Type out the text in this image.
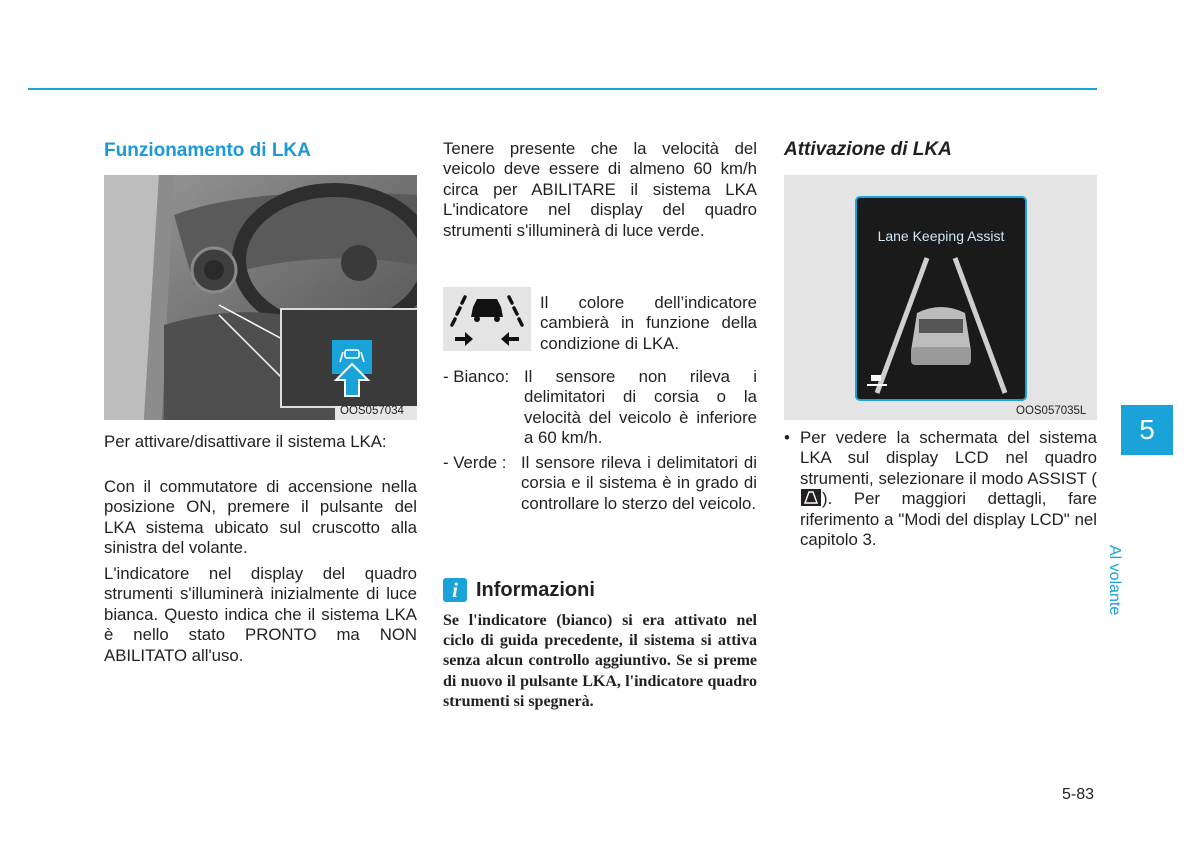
Funzionamento di LKA
OOS057034

Per attivare/disattivare il sistema LKA:

Con il commutatore di accensione nella posizione ON, premere il pulsante del LKA sistema ubicato sul cruscotto alla sinistra del volante.

L'indicatore nel display del quadro strumenti s'illuminerà inizialmente di luce bianca. Questo indica che il sistema LKA è nello stato PRONTO ma NON ABILITATO all'uso.

Tenere presente che la velocità del veicolo deve essere di almeno 60 km/h circa per ABILITARE il sistema LKA L'indicatore nel display del quadro strumenti s'illuminerà di luce verde.

Il colore dell’indicatore cambierà in funzione della condizione di LKA.

- Bianco: Il sensore non rileva i delimitatori di corsia o la velocità del veicolo è inferiore a 60 km/h.
- Verde : Il sensore rileva i delimitatori di corsia e il sistema è in grado di controllare lo sterzo del veicolo.
i Informazioni

Se l'indicatore (bianco) si era attivato nel ciclo di guida precedente, il sistema si attiva senza alcun controllo aggiuntivo. Se si preme di nuovo il pulsante LKA, l'indicatore quadro strumenti si spegnerà.

Attivazione di LKA
Lane Keeping Assist
OOS057035L
• Per vedere la schermata del sistema LKA sul display LCD nel quadro strumenti, selezionare il modo ASSIST (). Per maggiori dettagli, fare riferimento a "Modi del display LCD" nel capitolo 3.
5
Al volante
5-83
